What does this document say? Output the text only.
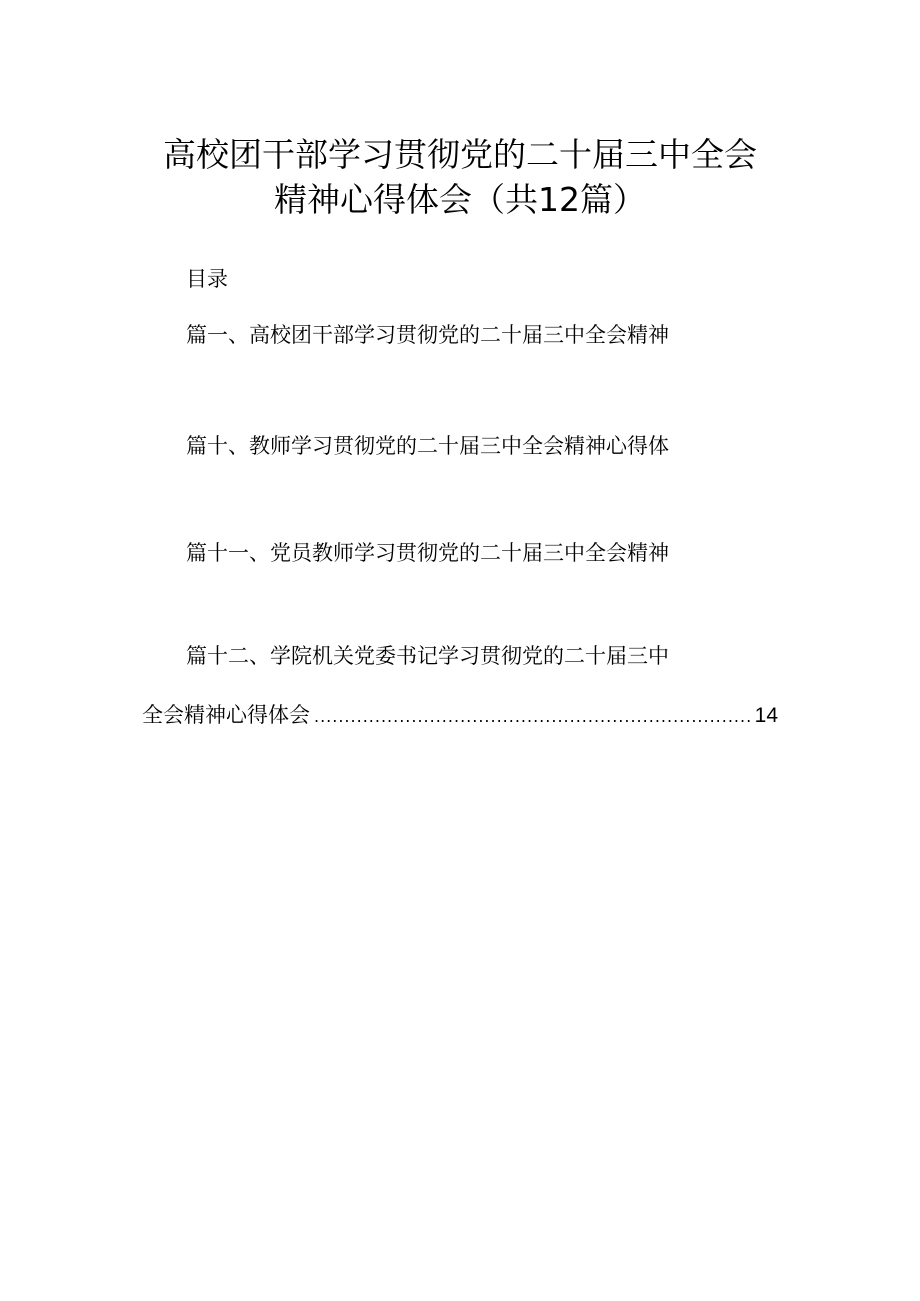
高校团干部学习贯彻党的二十届三中全会
精神心得体会（共12篇）
目录
篇一、高校团干部学习贯彻党的二十届三中全会精神
篇十、教师学习贯彻党的二十届三中全会精神心得体
篇十一、党员教师学习贯彻党的二十届三中全会精神
篇十二、学院机关党委书记学习贯彻党的二十届三中
全会精神心得体会
.....	14
